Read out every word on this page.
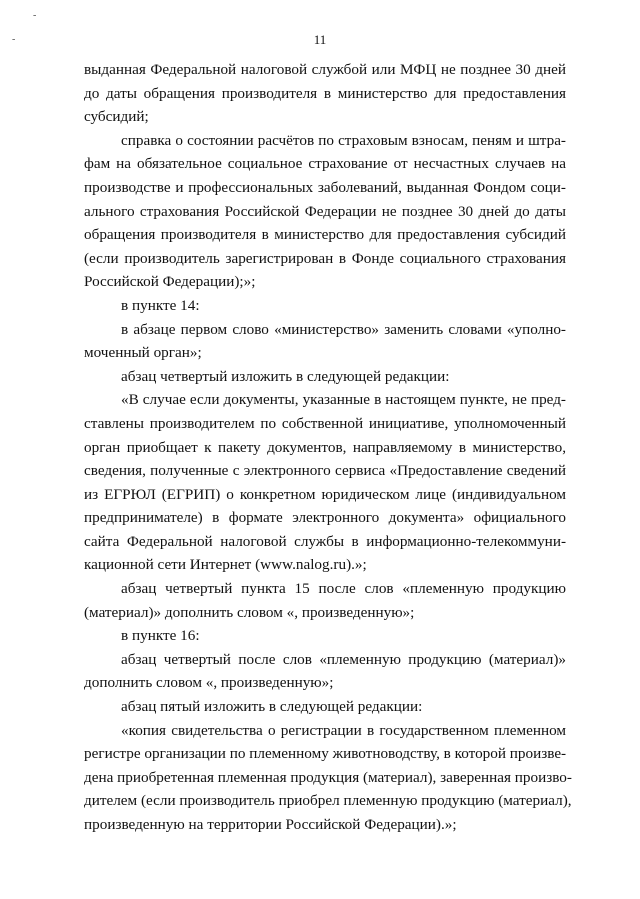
-
-	11

выданная Федеральной налоговой службой или МФЦ не позднее 30 дней
до даты обращения производителя в министерство для предоставления
субсидий;

справка о состоянии расчётов по страховым взносам, пеням и штра-
фам на обязательное социальное страхование от несчастных случаев на
производстве и профессиональных заболеваний, выданная Фондом соци-
ального страхования Российской Федерации не позднее 30 дней до даты
обращения производителя в министерство для предоставления субсидий
(если производитель зарегистрирован в Фонде социального страхования
Российской Федерации);»;

в пункте 14:

в абзаце первом слово «министерство» заменить словами «уполно-
моченный орган»;

абзац четвертый изложить в следующей редакции:

«В случае если документы, указанные в настоящем пункте, не пред-
ставлены производителем по собственной инициативе, уполномоченный
орган приобщает к пакету документов, направляемому в министерство,
сведения, полученные с электронного сервиса «Предоставление сведений
из ЕГРЮЛ (ЕГРИП) о конкретном юридическом лице (индивидуальном
предпринимателе) в формате электронного документа» официального
сайта Федеральной налоговой службы в информационно-телекоммуни-
кационной сети Интернет (www.nalog.ru).»;

абзац четвертый пункта 15 после слов «племенную продукцию
(материал)» дополнить словом «, произведенную»;

в пункте 16:

абзац четвертый после слов «племенную продукцию (материал)»
дополнить словом «, произведенную»;

абзац пятый изложить в следующей редакции:

«копия свидетельства о регистрации в государственном племенном
регистре организации по племенному животноводству, в которой произве-
дена приобретенная племенная продукция (материал), заверенная произво-
дителем (если производитель приобрел племенную продукцию (материал),
произведенную на территории Российской Федерации).»;
